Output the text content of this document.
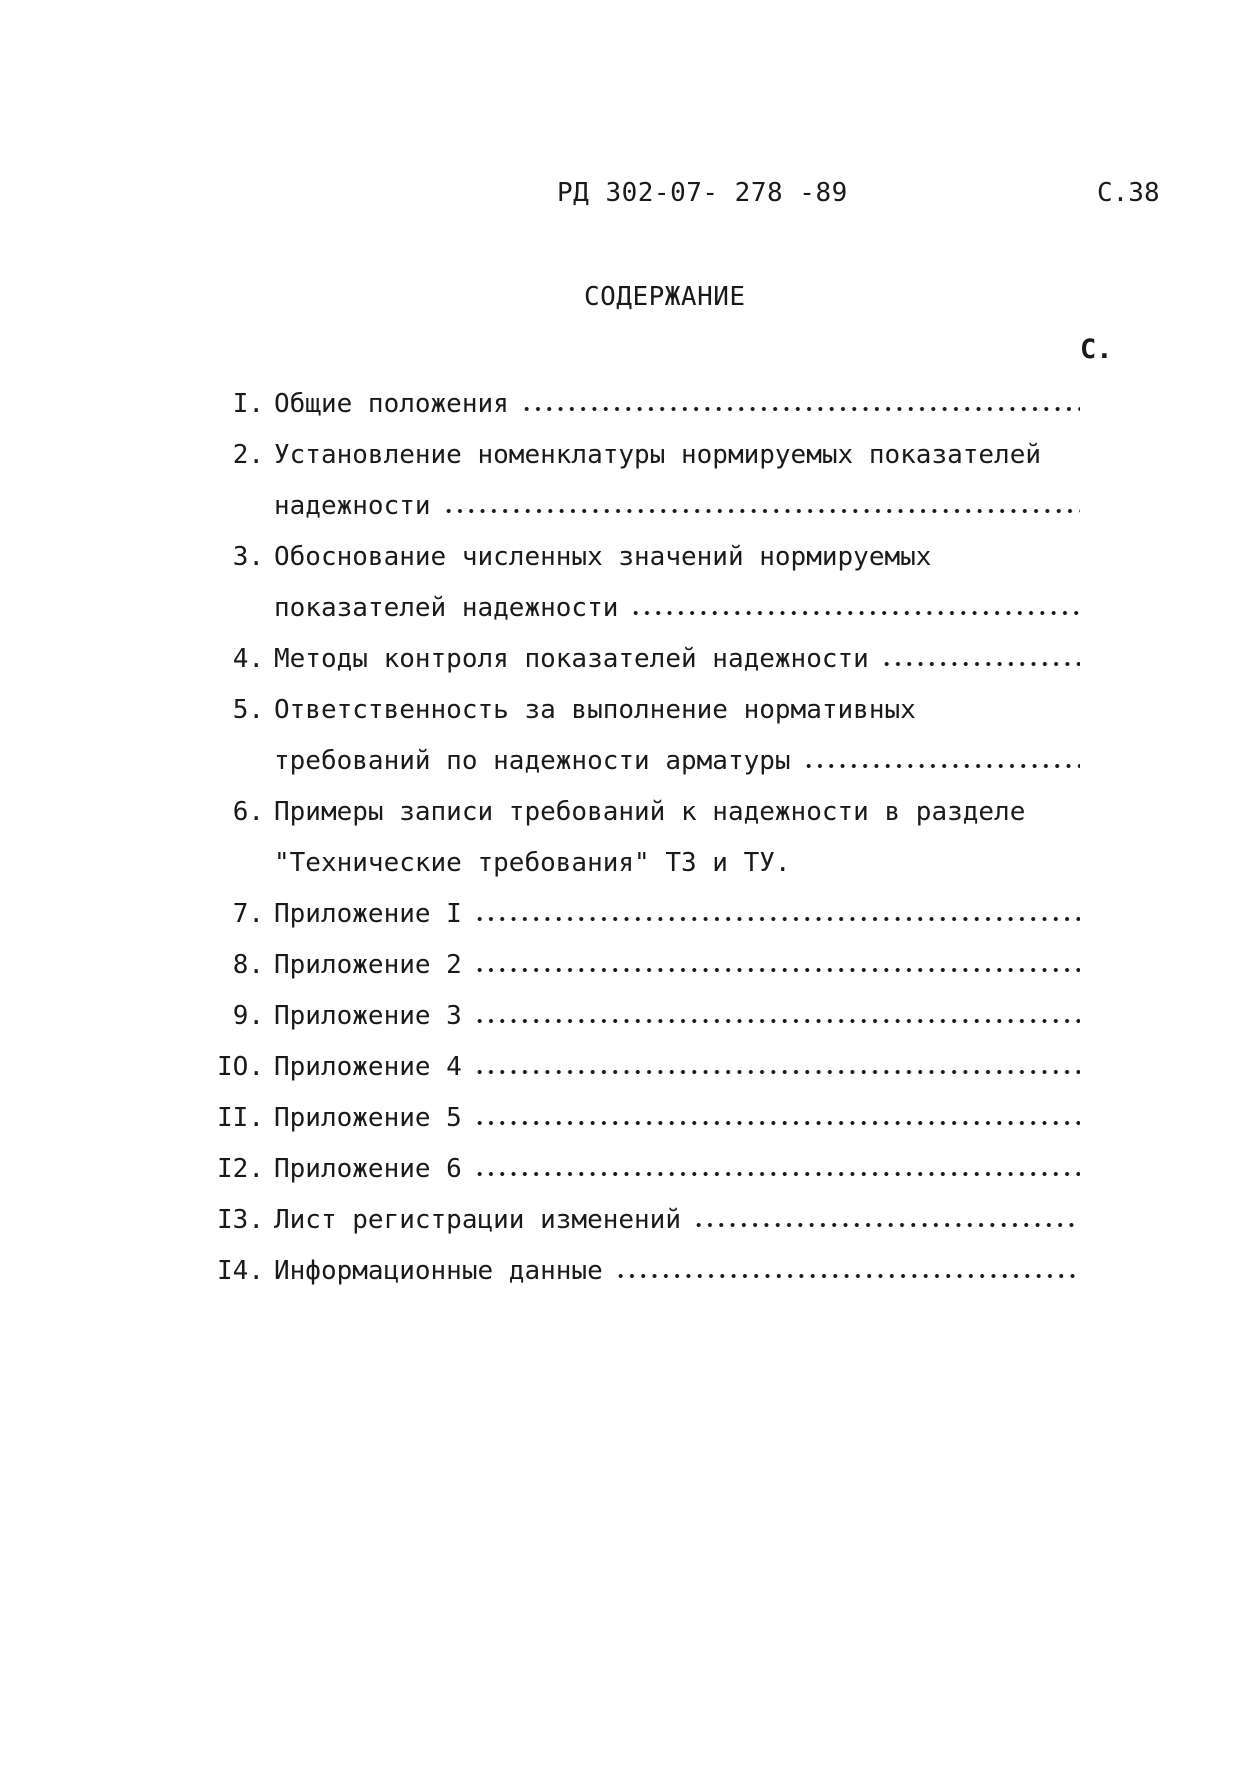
РД 302-07- 278 -89	С.38
СОДЕРЖАНИЕ
С.
I. Общие положения
2. Установление номенклатуры нормируемых показателей
надежности
3. Обоснование численных значений нормируемых
показателей надежности
4. Методы контроля показателей надежности
5. Ответственность за выполнение нормативных
требований по надежности арматуры
6. Примеры записи требований к надежности в разделе
"Технические требования" ТЗ и ТУ.
7. Приложение I
8. Приложение 2
9. Приложение 3
IO. Приложение 4
II. Приложение 5
I2. Приложение 6
I3. Лист регистрации изменений
I4. Информационные данные
